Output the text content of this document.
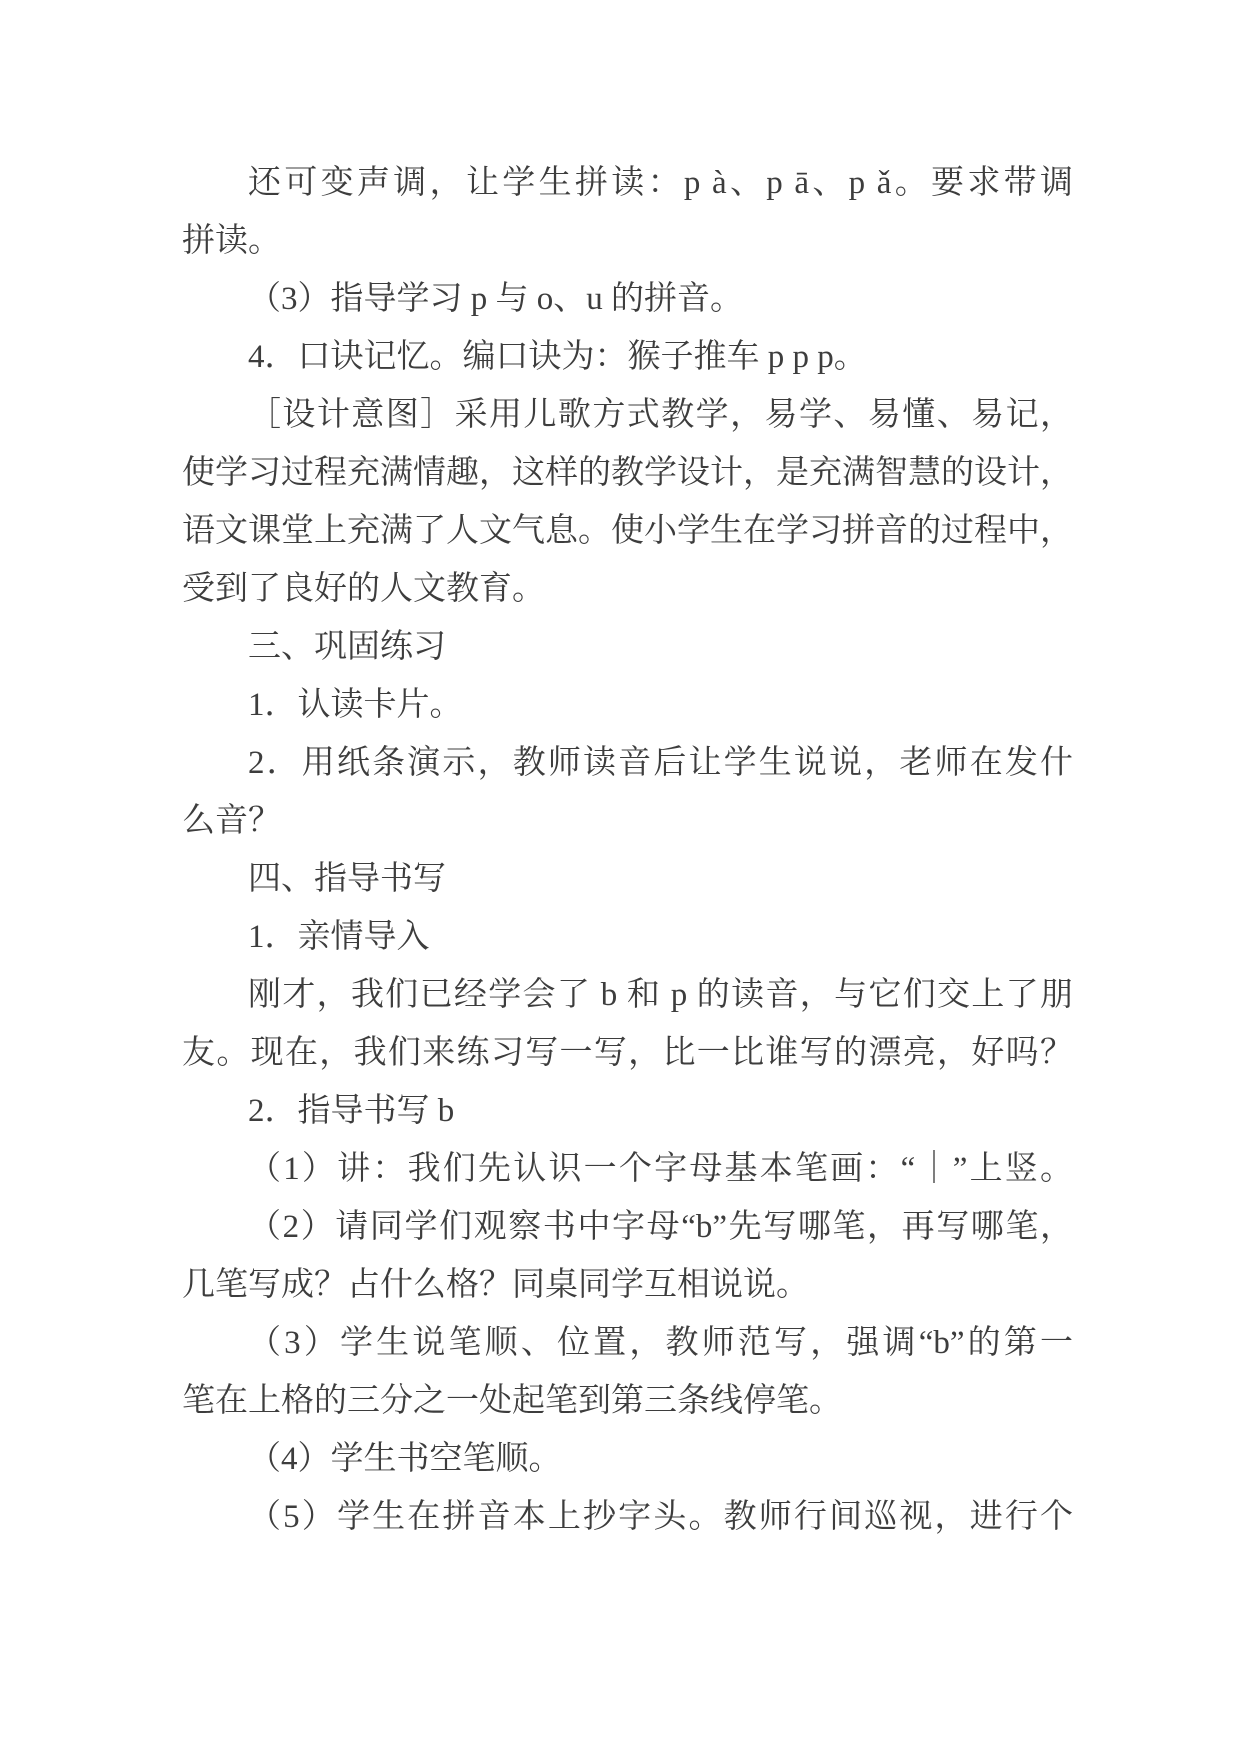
还可变声调，让学生拼读：p à、p ā、p ǎ。要求带调
拼读。
（3）指导学习 p 与 o、u 的拼音。
4．口诀记忆。编口诀为：猴子推车 p p p。
［设计意图］采用儿歌方式教学，易学、易懂、易记，
使学习过程充满情趣，这样的教学设计，是充满智慧的设计，
语文课堂上充满了人文气息。使小学生在学习拼音的过程中，
受到了良好的人文教育。
三、巩固练习
1．认读卡片。
2．用纸条演示，教师读音后让学生说说，老师在发什
么音？
四、指导书写
1．亲情导入
刚才，我们已经学会了 b 和 p 的读音，与它们交上了朋
友。现在，我们来练习写一写，比一比谁写的漂亮，好吗？
2．指导书写 b
（1）讲：我们先认识一个字母基本笔画：“｜”上竖。
（2）请同学们观察书中字母“b”先写哪笔，再写哪笔，
几笔写成？占什么格？同桌同学互相说说。
（3）学生说笔顺、位置，教师范写，强调“b”的第一
笔在上格的三分之一处起笔到第三条线停笔。
（4）学生书空笔顺。
（5）学生在拼音本上抄字头。教师行间巡视，进行个
